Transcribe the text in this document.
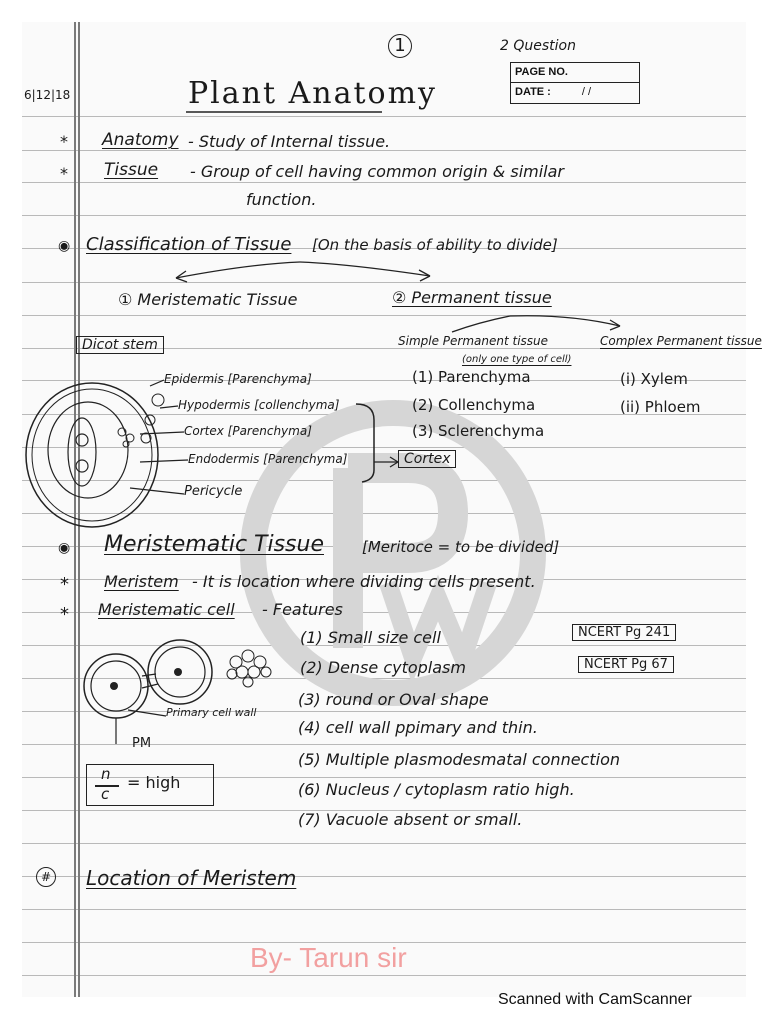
1	2 Question
PAGE NO.
DATE :	/ /
6|12|18	Plant Anatomy
* Anatomy - Study of Internal tissue.
* Tissue - Group of cell having common origin & similar
function.
◉ Classification of Tissue [On the basis of ability to divide]
① Meristematic Tissue	② Permanent tissue
Simple Permanent tissue
(only one type of cell)
Complex Permanent tissue
(1) Parenchyma
(2) Collenchyma
(3) Sclerenchyma
(i) Xylem
(ii) Phloem
Dicot stem
Epidermis [Parenchyma]
Hypodermis [collenchyma]
Cortex [Parenchyma]
Endodermis [Parenchyma]
Pericycle
Cortex
◉ Meristematic Tissue	[Meritoce = to be divided]
* Meristem - It is location where dividing cells present.
* Meristematic cell - Features
(1) Small size cell
(2) Dense cytoplasm
(3) round or Oval shape
(4) cell wall ppimary and thin.
(5) Multiple plasmodesmatal connection
(6) Nucleus / cytoplasm ratio high.
(7) Vacuole absent or small.
NCERT Pg 241
NCERT Pg 67
Primary cell wall
PM
n
c
= high
# Location of Meristem
By- Tarun sir
Scanned with CamScanner
